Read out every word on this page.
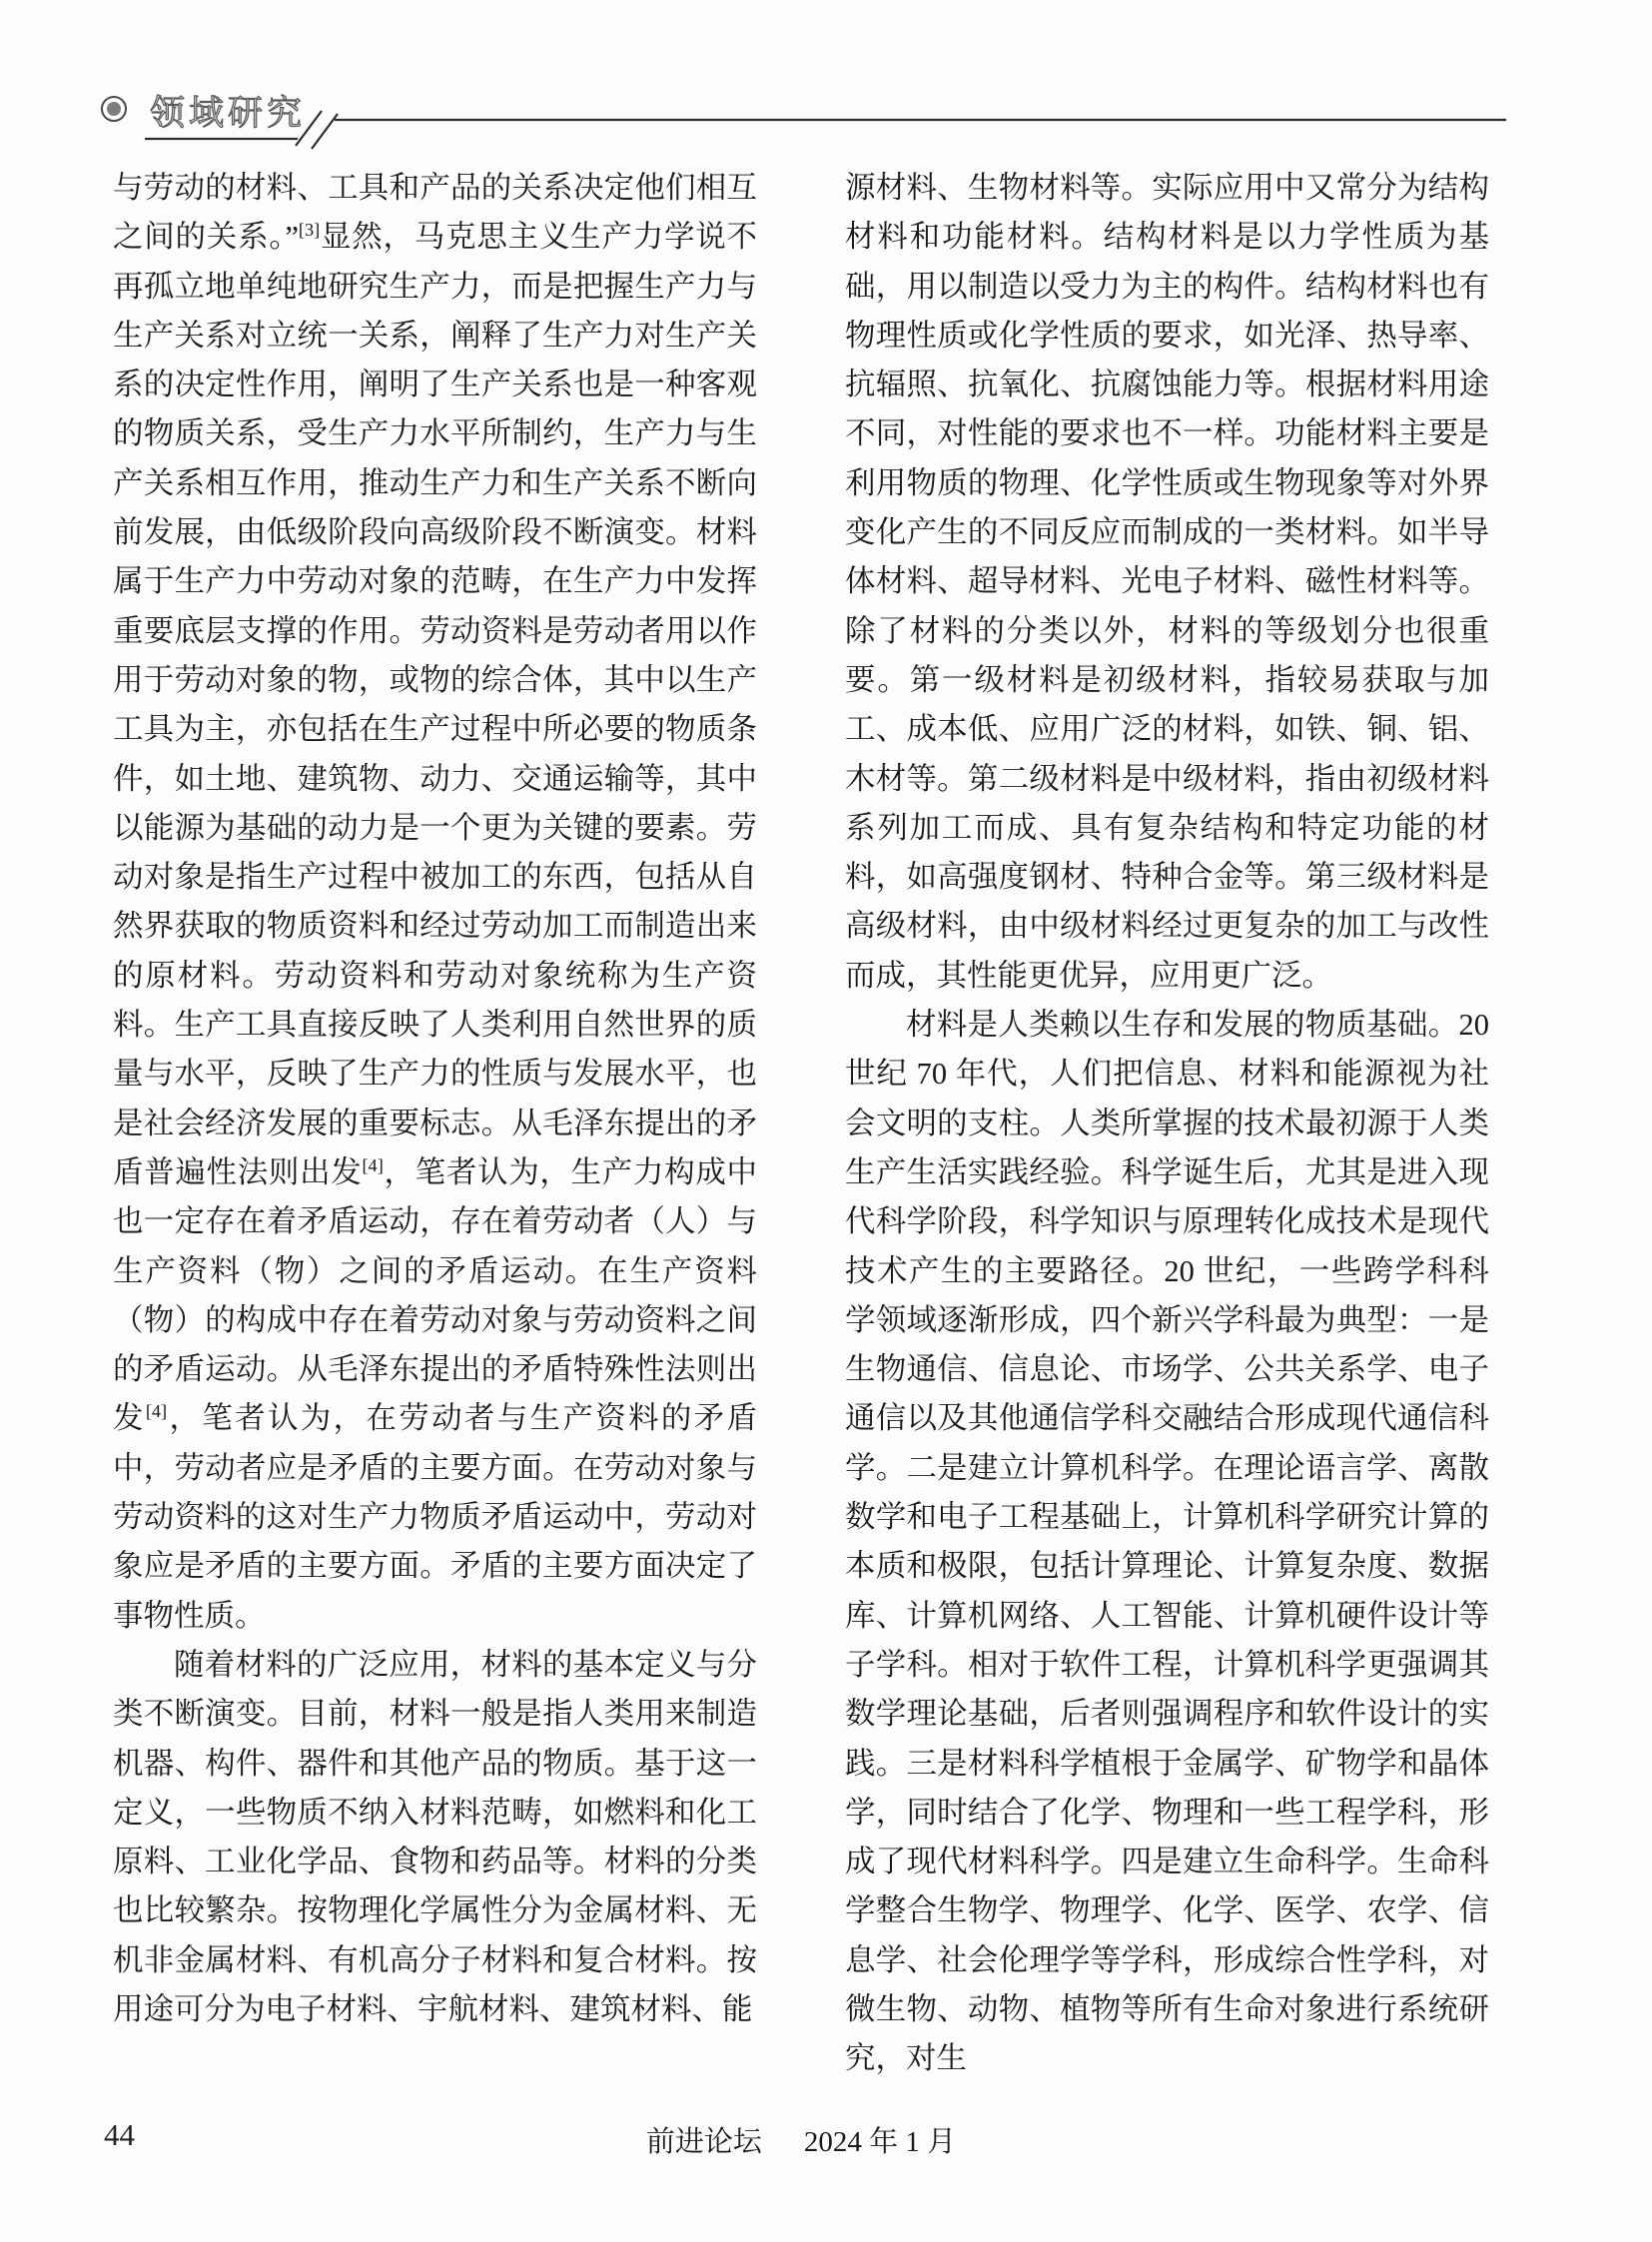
领域研究

与劳动的材料、工具和产品的关系决定他们相互之间的关系。”[3]显然，马克思主义生产力学说不再孤立地单纯地研究生产力，而是把握生产力与生产关系对立统一关系，阐释了生产力对生产关系的决定性作用，阐明了生产关系也是一种客观的物质关系，受生产力水平所制约，生产力与生产关系相互作用，推动生产力和生产关系不断向前发展，由低级阶段向高级阶段不断演变。材料属于生产力中劳动对象的范畴，在生产力中发挥重要底层支撑的作用。劳动资料是劳动者用以作用于劳动对象的物，或物的综合体，其中以生产工具为主，亦包括在生产过程中所必要的物质条件，如土地、建筑物、动力、交通运输等，其中以能源为基础的动力是一个更为关键的要素。劳动对象是指生产过程中被加工的东西，包括从自然界获取的物质资料和经过劳动加工而制造出来的原材料。劳动资料和劳动对象统称为生产资料。生产工具直接反映了人类利用自然世界的质量与水平，反映了生产力的性质与发展水平，也是社会经济发展的重要标志。从毛泽东提出的矛盾普遍性法则出发[4]，笔者认为，生产力构成中也一定存在着矛盾运动，存在着劳动者（人）与生产资料（物）之间的矛盾运动。在生产资料（物）的构成中存在着劳动对象与劳动资料之间的矛盾运动。从毛泽东提出的矛盾特殊性法则出发[4]，笔者认为，在劳动者与生产资料的矛盾中，劳动者应是矛盾的主要方面。在劳动对象与劳动资料的这对生产力物质矛盾运动中，劳动对象应是矛盾的主要方面。矛盾的主要方面决定了事物性质。

随着材料的广泛应用，材料的基本定义与分类不断演变。目前，材料一般是指人类用来制造机器、构件、器件和其他产品的物质。基于这一定义，一些物质不纳入材料范畴，如燃料和化工原料、工业化学品、食物和药品等。材料的分类也比较繁杂。按物理化学属性分为金属材料、无机非金属材料、有机高分子材料和复合材料。按用途可分为电子材料、宇航材料、建筑材料、能

源材料、生物材料等。实际应用中又常分为结构材料和功能材料。结构材料是以力学性质为基础，用以制造以受力为主的构件。结构材料也有物理性质或化学性质的要求，如光泽、热导率、抗辐照、抗氧化、抗腐蚀能力等。根据材料用途不同，对性能的要求也不一样。功能材料主要是利用物质的物理、化学性质或生物现象等对外界变化产生的不同反应而制成的一类材料。如半导体材料、超导材料、光电子材料、磁性材料等。除了材料的分类以外，材料的等级划分也很重要。第一级材料是初级材料，指较易获取与加工、成本低、应用广泛的材料，如铁、铜、铝、木材等。第二级材料是中级材料，指由初级材料系列加工而成、具有复杂结构和特定功能的材料，如高强度钢材、特种合金等。第三级材料是高级材料，由中级材料经过更复杂的加工与改性而成，其性能更优异，应用更广泛。

材料是人类赖以生存和发展的物质基础。20 世纪 70 年代，人们把信息、材料和能源视为社会文明的支柱。人类所掌握的技术最初源于人类生产生活实践经验。科学诞生后，尤其是进入现代科学阶段，科学知识与原理转化成技术是现代技术产生的主要路径。20 世纪，一些跨学科科学领域逐渐形成，四个新兴学科最为典型：一是生物通信、信息论、市场学、公共关系学、电子通信以及其他通信学科交融结合形成现代通信科学。二是建立计算机科学。在理论语言学、离散数学和电子工程基础上，计算机科学研究计算的本质和极限，包括计算理论、计算复杂度、数据库、计算机网络、人工智能、计算机硬件设计等子学科。相对于软件工程，计算机科学更强调其数学理论基础，后者则强调程序和软件设计的实践。三是材料科学植根于金属学、矿物学和晶体学，同时结合了化学、物理和一些工程学科，形成了现代材料科学。四是建立生命科学。生命科学整合生物学、物理学、化学、医学、农学、信息学、社会伦理学等学科，形成综合性学科，对微生物、动物、植物等所有生命对象进行系统研究，对生

44	前进论坛 2024 年 1 月
